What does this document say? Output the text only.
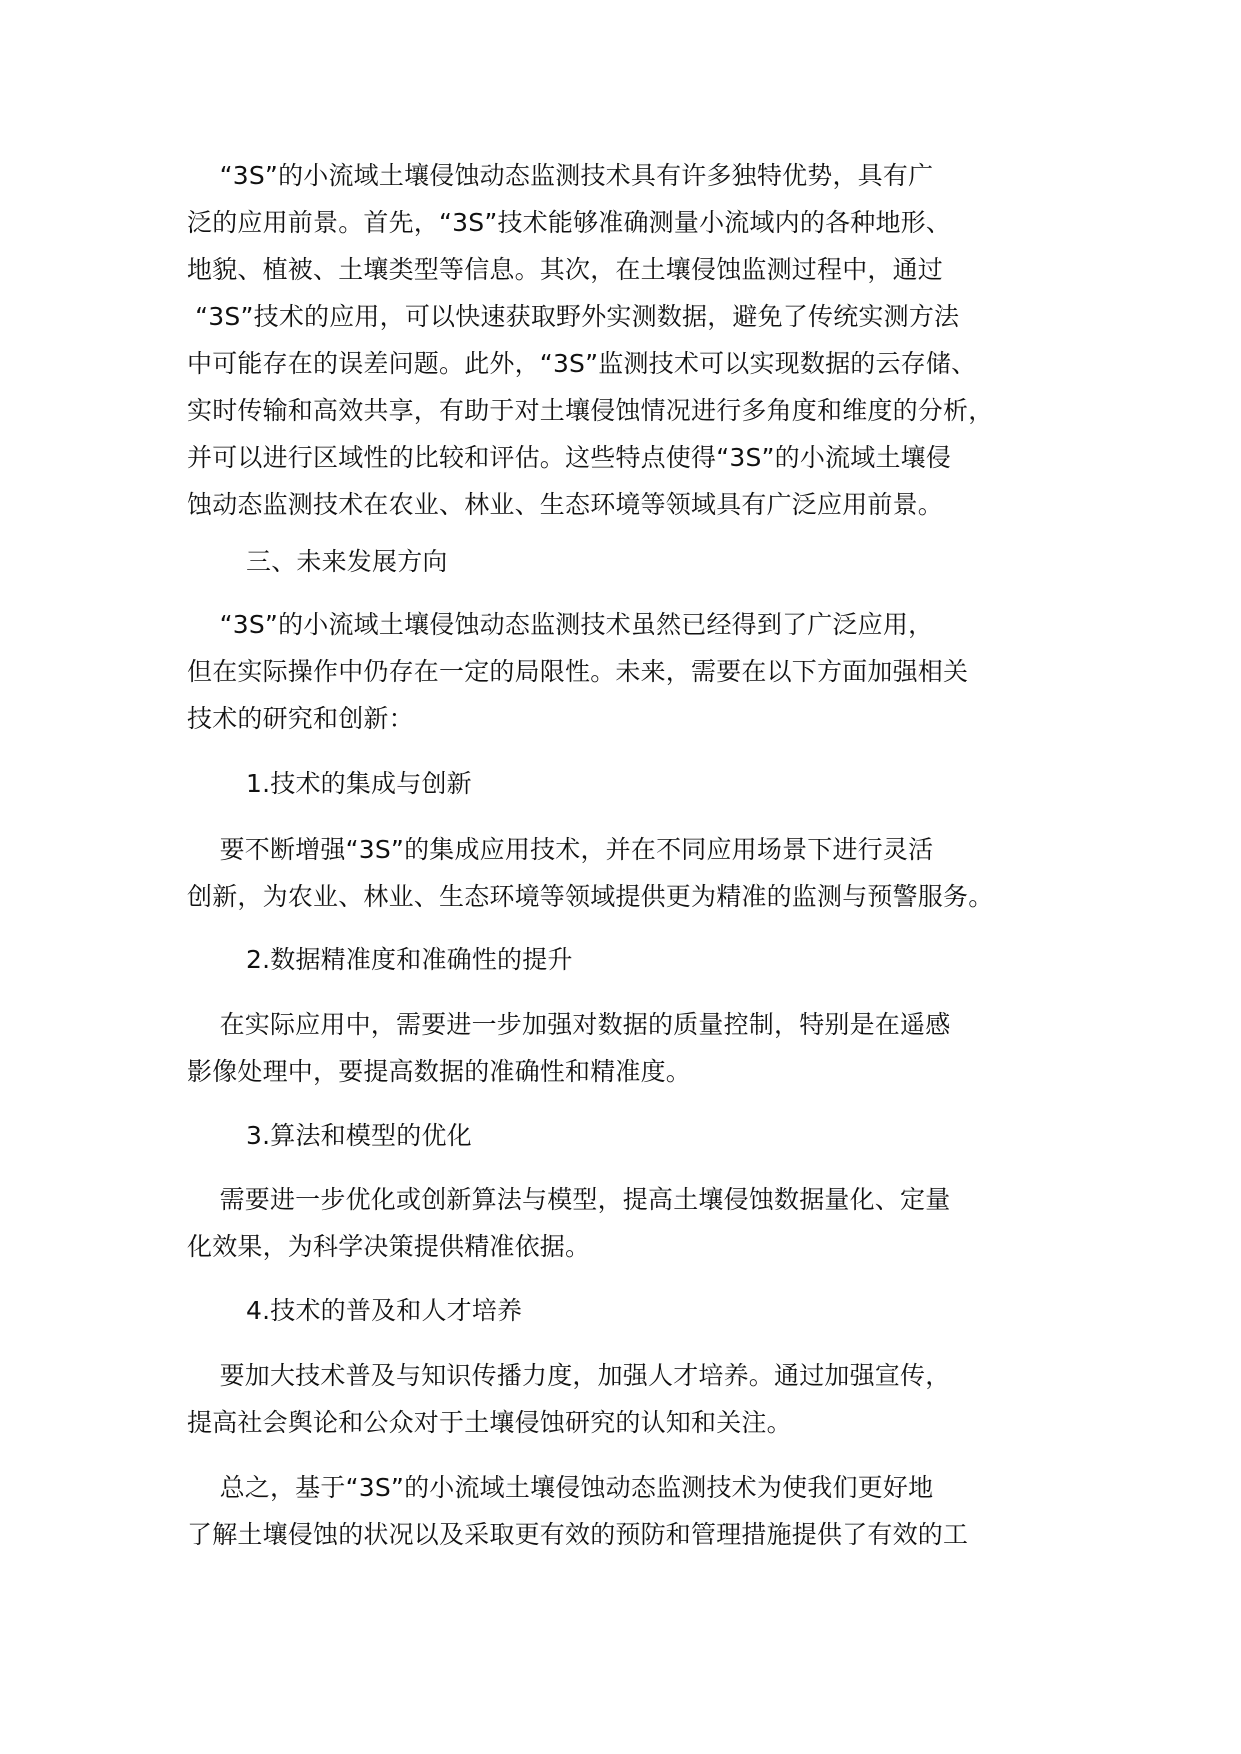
“3S”的小流域土壤侵蚀动态监测技术具有许多独特优势，具有广
泛的应用前景。首先，“3S”技术能够准确测量小流域内的各种地形、
地貌、植被、土壤类型等信息。其次，在土壤侵蚀监测过程中，通过
“3S”技术的应用，可以快速获取野外实测数据，避免了传统实测方法
中可能存在的误差问题。此外，“3S”监测技术可以实现数据的云存储、
实时传输和高效共享，有助于对土壤侵蚀情况进行多角度和维度的分析，
并可以进行区域性的比较和评估。这些特点使得“3S”的小流域土壤侵
蚀动态监测技术在农业、林业、生态环境等领域具有广泛应用前景。

三、未来发展方向

“3S”的小流域土壤侵蚀动态监测技术虽然已经得到了广泛应用，
但在实际操作中仍存在一定的局限性。未来，需要在以下方面加强相关
技术的研究和创新：

1.技术的集成与创新

要不断增强“3S”的集成应用技术，并在不同应用场景下进行灵活
创新，为农业、林业、生态环境等领域提供更为精准的监测与预警服务。

2.数据精准度和准确性的提升

在实际应用中，需要进一步加强对数据的质量控制，特别是在遥感
影像处理中，要提高数据的准确性和精准度。

3.算法和模型的优化

需要进一步优化或创新算法与模型，提高土壤侵蚀数据量化、定量
化效果，为科学决策提供精准依据。

4.技术的普及和人才培养

要加大技术普及与知识传播力度，加强人才培养。通过加强宣传，
提高社会舆论和公众对于土壤侵蚀研究的认知和关注。

总之，基于“3S”的小流域土壤侵蚀动态监测技术为使我们更好地
了解土壤侵蚀的状况以及采取更有效的预防和管理措施提供了有效的工
